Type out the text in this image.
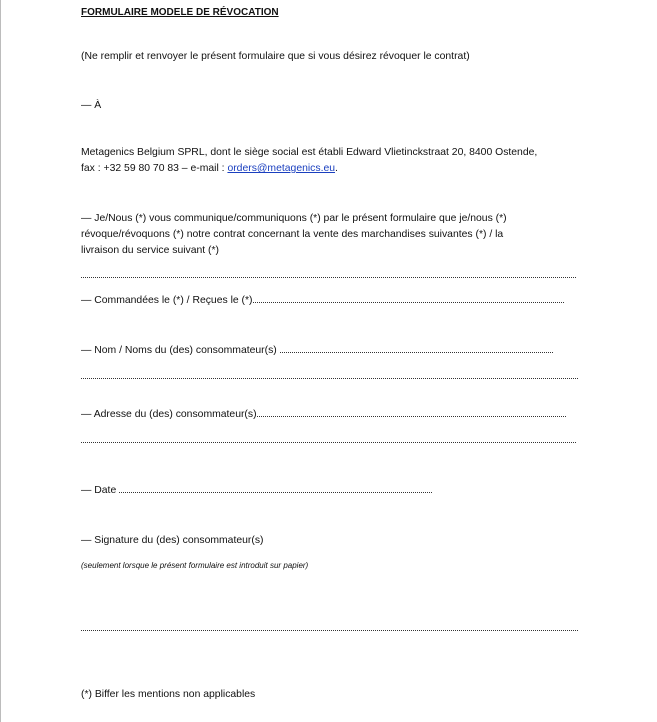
FORMULAIRE MODELE DE RÉVOCATION
(Ne remplir et renvoyer le présent formulaire que si vous désirez révoquer le contrat)
— À
Metagenics Belgium SPRL, dont le siège social est établi Edward Vlietinckstraat 20, 8400 Ostende,
fax : +32 59 80 70 83 – e-mail : orders@metagenics.eu.
— Je/Nous (*) vous communique/communiquons (*) par le présent formulaire que je/nous (*)
révoque/révoquons (*) notre contrat concernant la vente des marchandises suivantes (*) / la
livraison du service suivant (*)
— Commandées le (*) / Reçues le (*)
— Nom / Noms du (des) consommateur(s)
— Adresse du (des) consommateur(s)
— Date
— Signature du (des) consommateur(s)
(seulement lorsque le présent formulaire est introduit sur papier)
(*) Biffer les mentions non applicables
